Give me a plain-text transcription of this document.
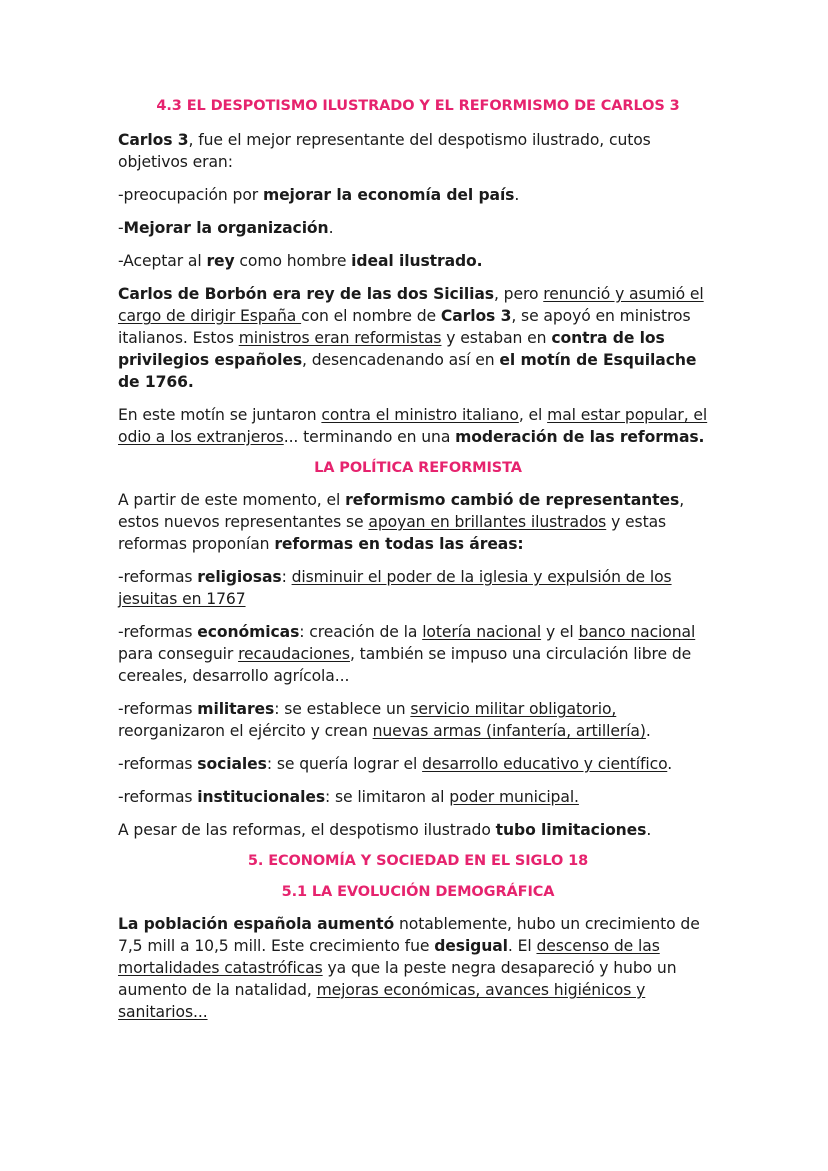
4.3 EL DESPOTISMO ILUSTRADO Y EL REFORMISMO DE CARLOS 3

Carlos 3, fue el mejor representante del despotismo ilustrado, cutos objetivos eran:

-preocupación por mejorar la economía del país.

-Mejorar la organización.

-Aceptar al rey como hombre ideal ilustrado.

Carlos de Borbón era rey de las dos Sicilias, pero renunció y asumió el cargo de dirigir España con el nombre de Carlos 3, se apoyó en ministros italianos. Estos ministros eran reformistas y estaban en contra de los privilegios españoles, desencadenando así en el motín de Esquilache de 1766.

En este motín se juntaron contra el ministro italiano, el mal estar popular, el odio a los extranjeros... terminando en una moderación de las reformas.

LA POLÍTICA REFORMISTA

A partir de este momento, el reformismo cambió de representantes, estos nuevos representantes se apoyan en brillantes ilustrados y estas reformas proponían reformas en todas las áreas:

-reformas religiosas: disminuir el poder de la iglesia y expulsión de los jesuitas en 1767

-reformas económicas: creación de la lotería nacional y el banco nacional para conseguir recaudaciones, también se impuso una circulación libre de cereales, desarrollo agrícola...

-reformas militares: se establece un servicio militar obligatorio, reorganizaron el ejército y crean nuevas armas (infantería, artillería).

-reformas sociales: se quería lograr el desarrollo educativo y científico.

-reformas institucionales: se limitaron al poder municipal.

A pesar de las reformas, el despotismo ilustrado tubo limitaciones.

5. ECONOMÍA Y SOCIEDAD EN EL SIGLO 18
5.1 LA EVOLUCIÓN DEMOGRÁFICA

La población española aumentó notablemente, hubo un crecimiento de 7,5 mill a 10,5 mill. Este crecimiento fue desigual. El descenso de las mortalidades catastróficas ya que la peste negra desapareció y hubo un aumento de la natalidad, mejoras económicas, avances higiénicos y sanitarios...
